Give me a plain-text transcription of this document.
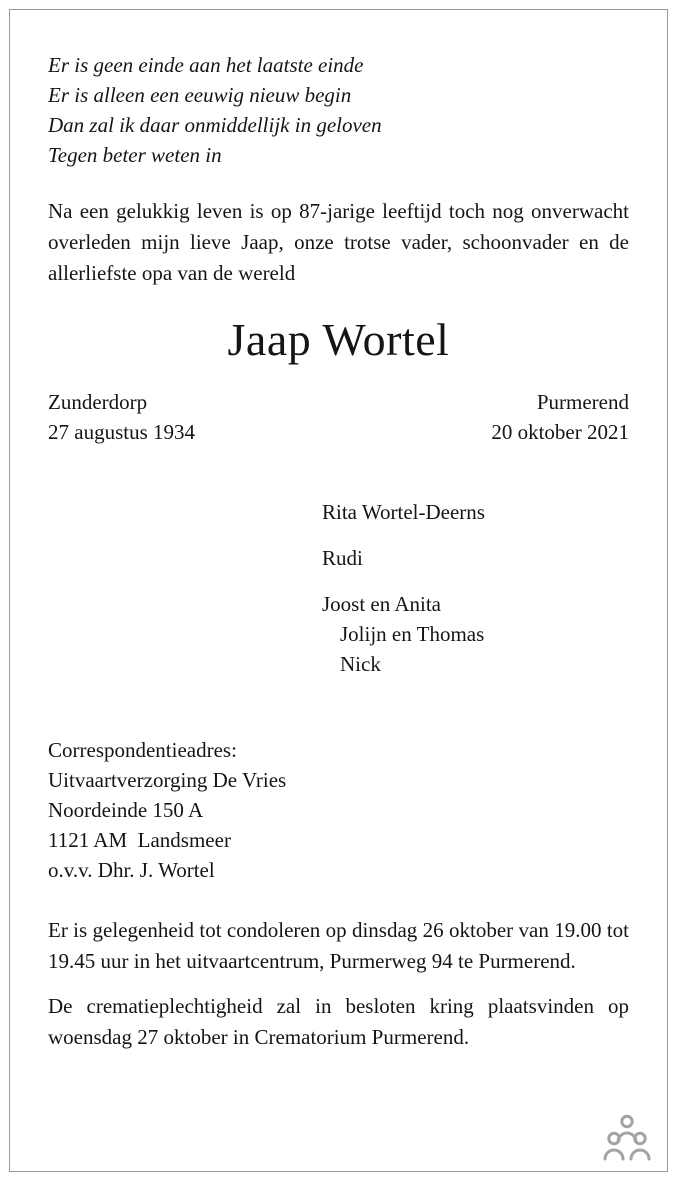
Er is geen einde aan het laatste einde
Er is alleen een eeuwig nieuw begin
Dan zal ik daar onmiddellijk in geloven
Tegen beter weten in

Na een gelukkig leven is op 87-jarige leeftijd toch nog onverwacht overleden mijn lieve Jaap, onze trotse vader, schoonvader en de allerliefste opa van de wereld

Jaap Wortel
Zunderdorp
27 augustus 1934
Purmerend
20 oktober 2021
Rita Wortel-Deerns
Rudi
Joost en Anita
Jolijn en Thomas
Nick
Correspondentieadres:
Uitvaartverzorging De Vries
Noordeinde 150 A
1121 AM  Landsmeer
o.v.v. Dhr. J. Wortel

Er is gelegenheid tot condoleren op dinsdag 26 oktober van 19.00 tot 19.45 uur in het uitvaartcentrum, Purmerweg 94 te Purmerend.

De crematieplechtigheid zal in besloten kring plaatsvinden op woensdag 27 oktober in Crematorium Purmerend.
